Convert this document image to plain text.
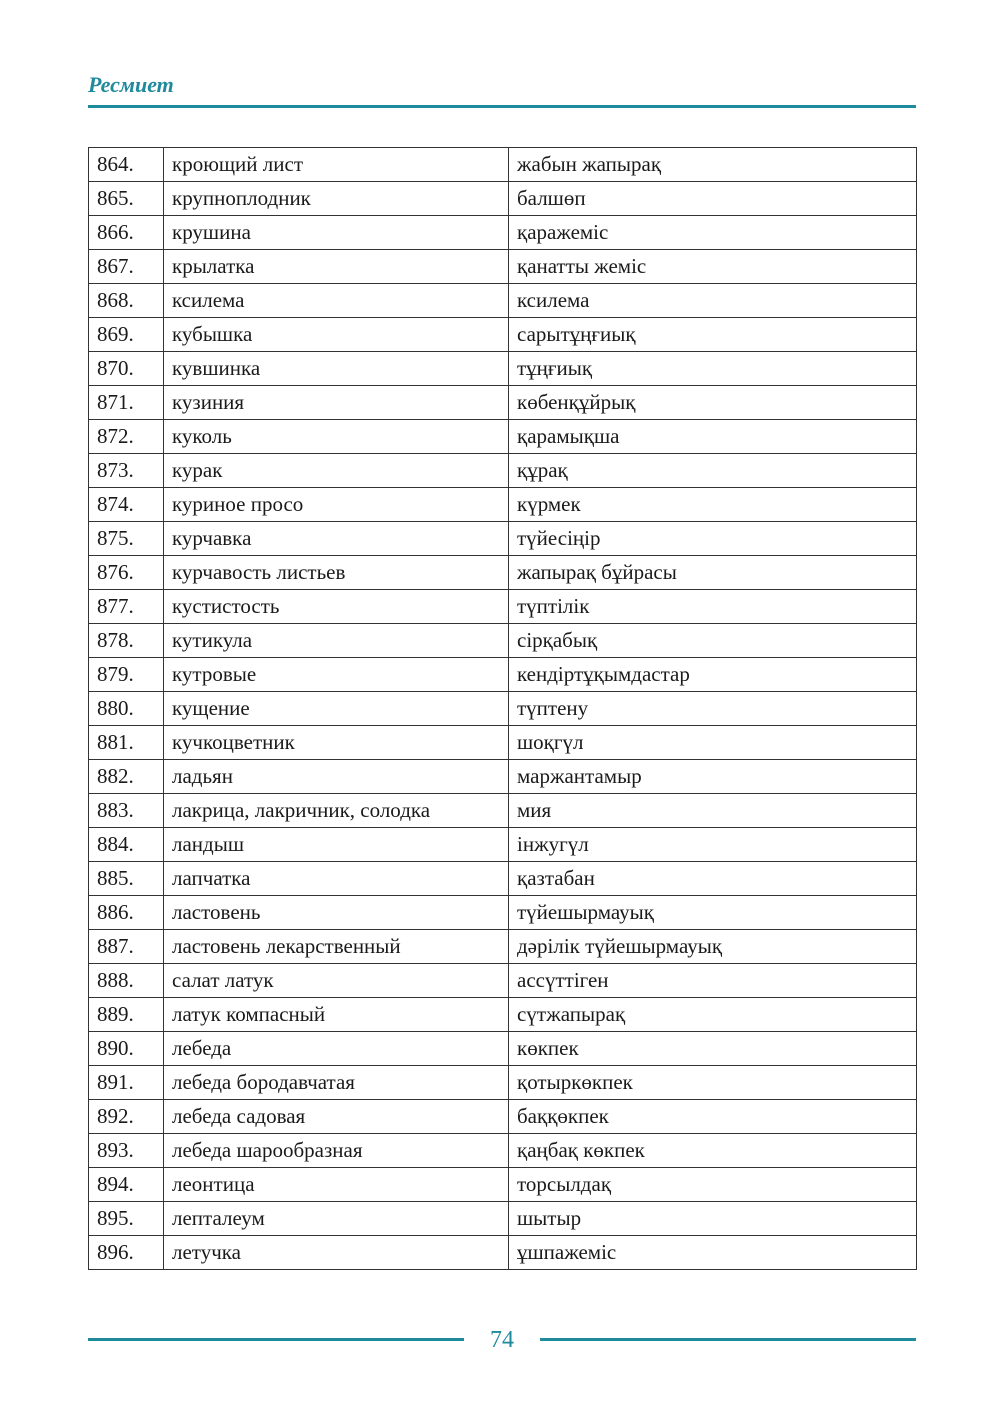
Ресмиет
864.	кроющий лист	жабын жапырақ
865.	крупноплодник	балшөп
866.	крушина	қаражеміс
867.	крылатка	қанатты жеміс
868.	ксилема	ксилема
869.	кубышка	сарытұңғиық
870.	кувшинка	тұңғиық
871.	кузиния	көбенқұйрық
872.	куколь	қарамықша
873.	курак	құрақ
874.	куриное просо	күрмек
875.	курчавка	түйесіңір
876.	курчавость листьев	жапырақ бұйрасы
877.	кустистость	түптілік
878.	кутикула	сірқабық
879.	кутровые	кендіртұқымдастар
880.	кущение	түптену
881.	кучкоцветник	шоқгүл
882.	ладьян	маржантамыр
883.	лакрица, лакричник, солодка	мия
884.	ландыш	інжугүл
885.	лапчатка	қазтабан
886.	ластовень	түйешырмауық
887.	ластовень лекарственный	дәрілік түйешырмауық
888.	салат латук	ассүттіген
889.	латук компасный	сүтжапырақ
890.	лебеда	көкпек
891.	лебеда бородавчатая	қотыркөкпек
892.	лебеда садовая	баққөкпек
893.	лебеда шарообразная	қаңбақ көкпек
894.	леонтица	торсылдақ
895.	лепталеум	шытыр
896.	летучка	ұшпажеміс
74
